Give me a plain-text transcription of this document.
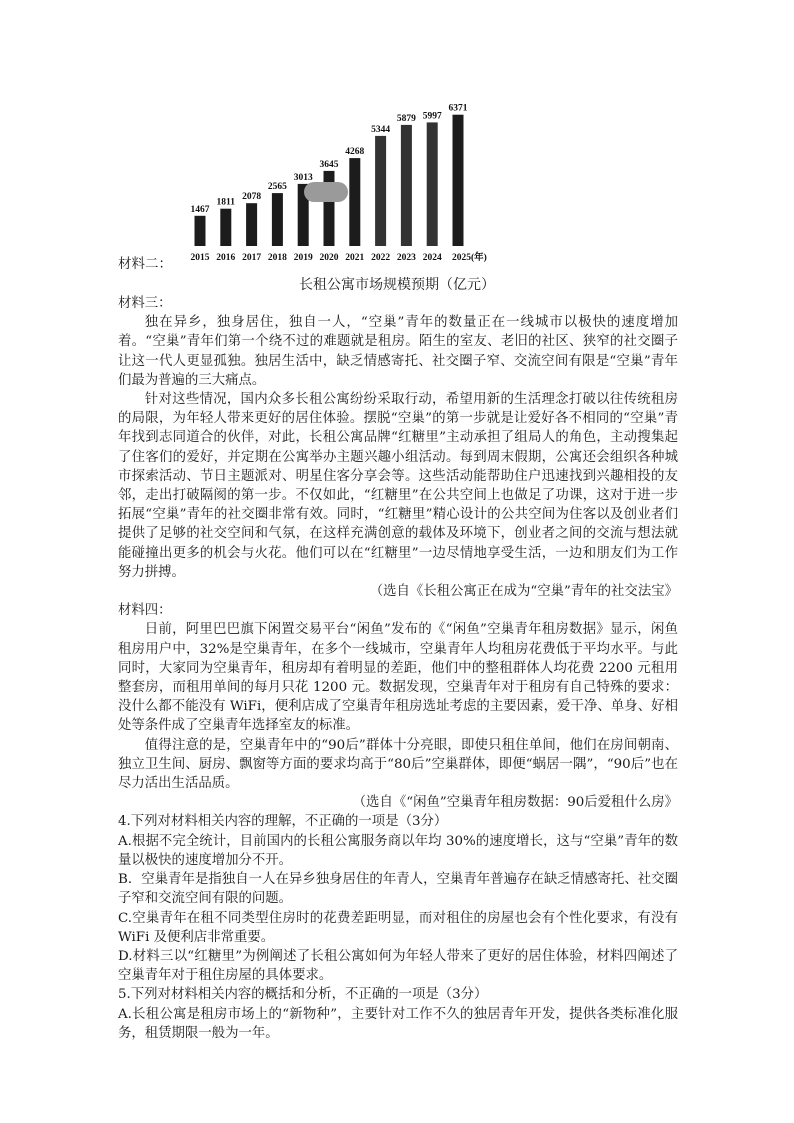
1467
1811
2078
2565
3013
3645
4268
5344
5879 5997
6371
2015 2016 2017 2018 2019 2020 2021 2022 2023 2024 2025(年)
材料二：
长租公寓市场规模预期（亿元）

材料三：

独在异乡，独身居住，独自一人，“空巢”青年的数量正在一线城市以极快的速度增加着。“空巢”青年们第一个绕不过的难题就是租房。陌生的室友、老旧的社区、狭窄的社交圈子让这一代人更显孤独。独居生活中，缺乏情感寄托、社交圈子窄、交流空间有限是“空巢”青年们最为普遍的三大痛点。

针对这些情况，国内众多长租公寓纷纷采取行动，希望用新的生活理念打破以往传统租房的局限，为年轻人带来更好的居住体验。摆脱“空巢”的第一步就是让爱好各不相同的“空巢”青年找到志同道合的伙伴，对此，长租公寓品牌“红糖里”主动承担了组局人的角色，主动搜集起了住客们的爱好，并定期在公寓举办主题兴趣小组活动。每到周末假期，公寓还会组织各种城市探索活动、节日主题派对、明星住客分享会等。这些活动能帮助住户迅速找到兴趣相投的友邻，走出打破隔阂的第一步。不仅如此，“红糖里”在公共空间上也做足了功课，这对于进一步拓展“空巢”青年的社交圈非常有效。同时，“红糖里”精心设计的公共空间为住客以及创业者们提供了足够的社交空间和气氛，在这样充满创意的载体及环境下，创业者之间的交流与想法就能碰撞出更多的机会与火花。他们可以在“红糖里”一边尽情地享受生活，一边和朋友们为工作努力拼搏。

（选自《长租公寓正在成为“空巢”青年的社交法宝》

材料四：

日前，阿里巴巴旗下闲置交易平台“闲鱼”发布的《“闲鱼”空巢青年租房数据》显示，闲鱼租房用户中，32%是空巢青年，在多个一线城市，空巢青年人均租房花费低于平均水平。与此同时，大家同为空巢青年，租房却有着明显的差距，他们中的整租群体人均花费 2200 元租用整套房，而租用单间的每月只花 1200 元。数据发现，空巢青年对于租房有自己特殊的要求：没什么都不能没有 WiFi，便利店成了空巢青年租房选址考虑的主要因素，爱干净、单身、好相处等条件成了空巢青年选择室友的标准。

值得注意的是，空巢青年中的“90后”群体十分亮眼，即使只租住单间，他们在房间朝南、独立卫生间、厨房、飘窗等方面的要求均高于“80后”空巢群体，即便“蜗居一隅”，“90后”也在尽力活出生活品质。

（选自《“闲鱼”空巢青年租房数据：90后爱租什么房》

4.下列对材料相关内容的理解，不正确的一项是（3分）

A.根据不完全统计，目前国内的长租公寓服务商以年均 30%的速度增长，这与“空巢”青年的数量以极快的速度增加分不开。

B．空巢青年是指独自一人在异乡独身居住的年青人，空巢青年普遍存在缺乏情感寄托、社交圈子窄和交流空间有限的问题。

C.空巢青年在租不同类型住房时的花费差距明显，而对租住的房屋也会有个性化要求，有没有 WiFi 及便利店非常重要。

D.材料三以“红糖里”为例阐述了长租公寓如何为年轻人带来了更好的居住体验，材料四阐述了空巢青年对于租住房屋的具体要求。

5.下列对材料相关内容的概括和分析，不正确的一项是（3分）

A.长租公寓是租房市场上的“新物种”，主要针对工作不久的独居青年开发，提供各类标准化服务，租赁期限一般为一年。
